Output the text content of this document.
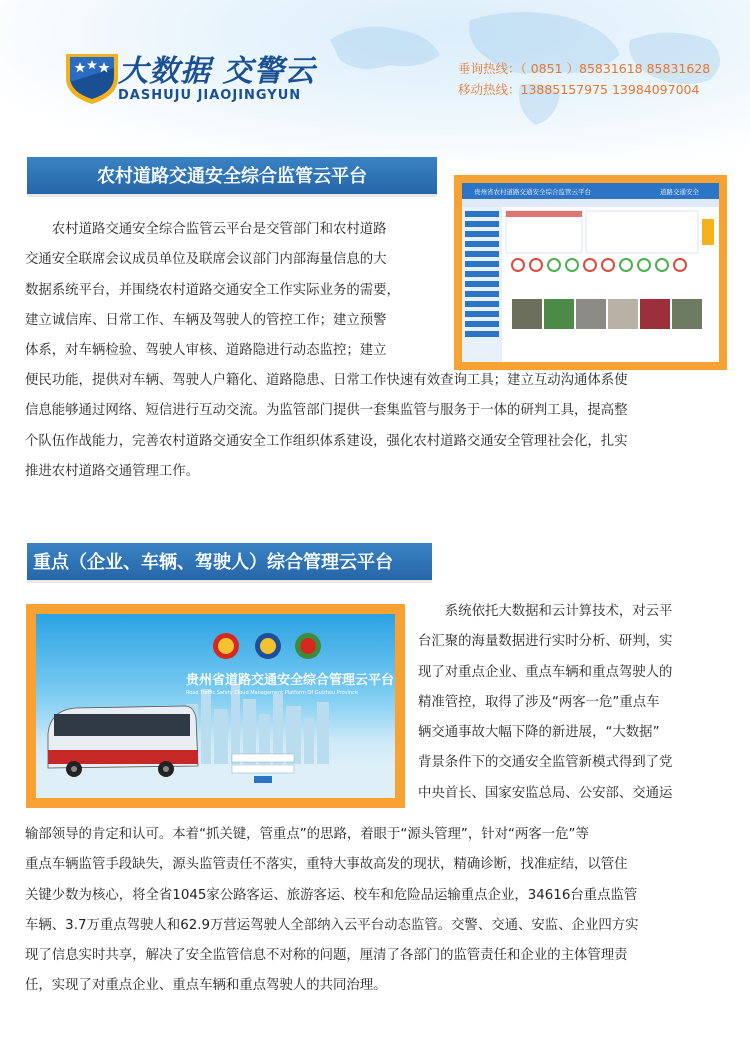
大数据 交警云
DASHUJU JIAOJINGYUN
垂询热线：（ 0851 ）85831618 85831628
移动热线：13885157975 13984097004
农村道路交通安全综合监管云平台
贵州省农村道路交通安全综合监管云平台	道路交通安全
农村道路交通安全综合监管云平台是交管部门和农村道路
交通安全联席会议成员单位及联席会议部门内部海量信息的大
数据系统平台，并围绕农村道路交通安全工作实际业务的需要，
建立诚信库、日常工作、车辆及驾驶人的管控工作；建立预警
体系，对车辆检验、驾驶人审核、道路隐进行动态监控；建立
便民功能，提供对车辆、驾驶人户籍化、道路隐患、日常工作快速有效查询工具；建立互动沟通体系使
信息能够通过网络、短信进行互动交流。为监管部门提供一套集监管与服务于一体的研判工具，提高整
个队伍作战能力，完善农村道路交通安全工作组织体系建设，强化农村道路交通安全管理社会化，扎实
推进农村道路交通管理工作。
重点（企业、车辆、驾驶人）综合管理云平台
贵州省道路交通安全综合管理云平台
Road Traffic Safety Cloud Management Platform Of Guizhou Province
系统依托大数据和云计算技术，对云平
台汇聚的海量数据进行实时分析、研判，实
现了对重点企业、重点车辆和重点驾驶人的
精准管控，取得了涉及“两客一危”重点车
辆交通事故大幅下降的新进展，“大数据”
背景条件下的交通安全监管新模式得到了党
中央首长、国家安监总局、公安部、交通运
输部领导的肯定和认可。本着“抓关键，管重点”的思路，着眼于“源头管理”，针对“两客一危”等
重点车辆监管手段缺失，源头监管责任不落实，重特大事故高发的现状，精确诊断，找准症结，以管住
关键少数为核心，将全省1045家公路客运、旅游客运、校车和危险品运输重点企业，34616台重点监管
车辆、3.7万重点驾驶人和62.9万营运驾驶人全部纳入云平台动态监管。交警、交通、安监、企业四方实
现了信息实时共享，解决了安全监管信息不对称的问题，厘清了各部门的监管责任和企业的主体管理责
任，实现了对重点企业、重点车辆和重点驾驶人的共同治理。
